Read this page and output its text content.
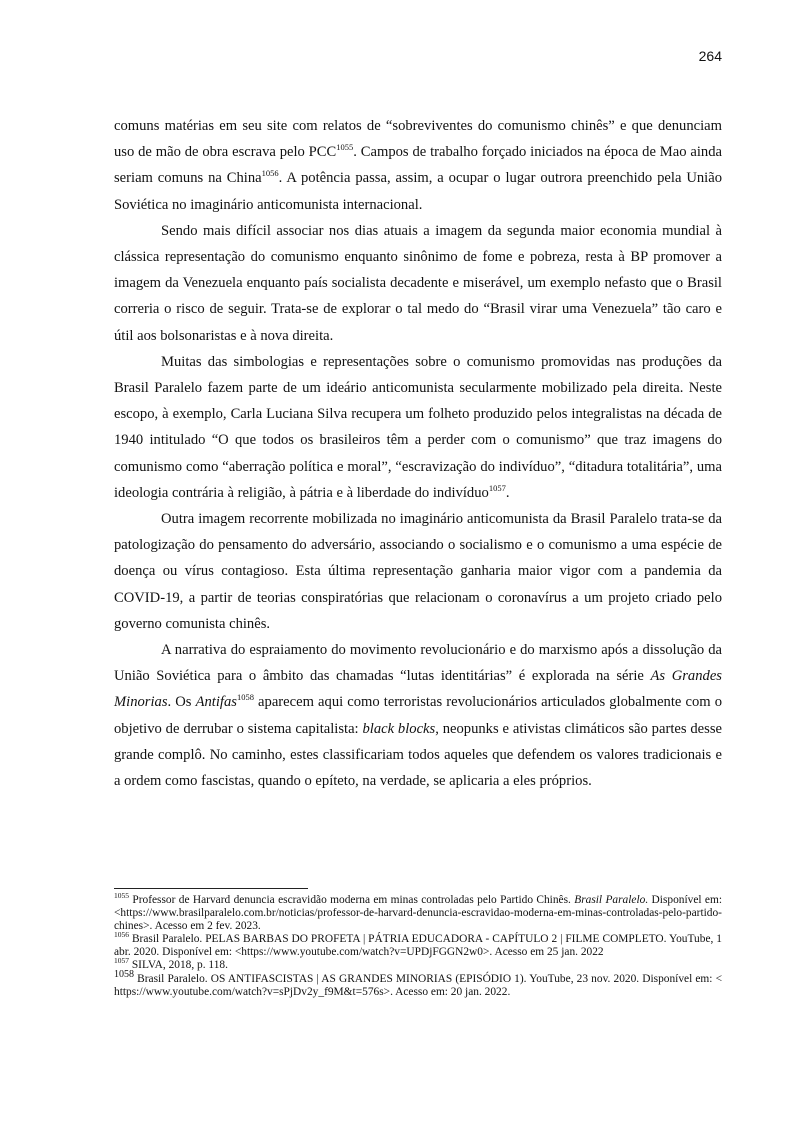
264

comuns matérias em seu site com relatos de “sobreviventes do comunismo chinês” e que denunciam uso de mão de obra escrava pelo $PCC^{1055}$. Campos de trabalho forçado iniciados na época de Mao ainda seriam comuns na China$^{1056}$. A potência passa, assim, a ocupar o lugar outrora preenchido pela União Soviética no imaginário anticomunista internacional.

Sendo mais difícil associar nos dias atuais a imagem da segunda maior economia mundial à clássica representação do comunismo enquanto sinônimo de fome e pobreza, resta à BP promover a imagem da Venezuela enquanto país socialista decadente e miserável, um exemplo nefasto que o Brasil correria o risco de seguir. Trata-se de explorar o tal medo do “Brasil virar uma Venezuela” tão caro e útil aos bolsonaristas e à nova direita.

Muitas das simbologias e representações sobre o comunismo promovidas nas produções da Brasil Paralelo fazem parte de um ideário anticomunista secularmente mobilizado pela direita. Neste escopo, à exemplo, Carla Luciana Silva recupera um folheto produzido pelos integralistas na década de 1940 intitulado “O que todos os brasileiros têm a perder com o comunismo” que traz imagens do comunismo como “aberração política e moral”, “escravização do indivíduo”, “ditadura totalitária”, uma ideologia contrária à religião, à pátria e à liberdade do indivíduo$^{1057}$.

Outra imagem recorrente mobilizada no imaginário anticomunista da Brasil Paralelo trata-se da patologização do pensamento do adversário, associando o socialismo e o comunismo a uma espécie de doença ou vírus contagioso. Esta última representação ganharia maior vigor com a pandemia da COVID-19, a partir de teorias conspiratórias que relacionam o coronavírus a um projeto criado pelo governo comunista chinês.

A narrativa do espraiamento do movimento revolucionário e do marxismo após a dissolução da União Soviética para o âmbito das chamadas “lutas identitárias” é explorada na série As Grandes Minorias. Os Antifas$^{1058}$ aparecem aqui como terroristas revolucionários articulados globalmente com o objetivo de derrubar o sistema capitalista: black blocks, neopunks e ativistas climáticos são partes desse grande complô. No caminho, estes classificariam todos aqueles que defendem os valores tradicionais e a ordem como fascistas, quando o epíteto, na verdade, se aplicaria a eles próprios.

$^{1055}$ Professor de Harvard denuncia escravidão moderna em minas controladas pelo Partido Chinês. Brasil Paralelo. Disponível em: <https://www.brasilparalelo.com.br/noticias/professor-de-harvard-denuncia-escravidao-moderna-em-minas-controladas-pelo-partido-chines>. Acesso em 2 fev. 2023.

$^{1056}$ Brasil Paralelo. PELAS BARBAS DO PROFETA | PÁTRIA EDUCADORA - CAPÍTULO 2 | FILME COMPLETO. YouTube, 1 abr. 2020. Disponível em: <https://www.youtube.com/watch?v=UPDjFGGN2w0>. Acesso em 25 jan. 2022

$^{1057}$ SILVA, 2018, p. 118.

1058 Brasil Paralelo. OS ANTIFASCISTAS | AS GRANDES MINORIAS (EPISÓDIO 1). YouTube, 23 nov. 2020. Disponível em: <https://www.youtube.com/watch?v=sPjDv2y_f9M&t=576s>. Acesso em: 20 jan. 2022.
